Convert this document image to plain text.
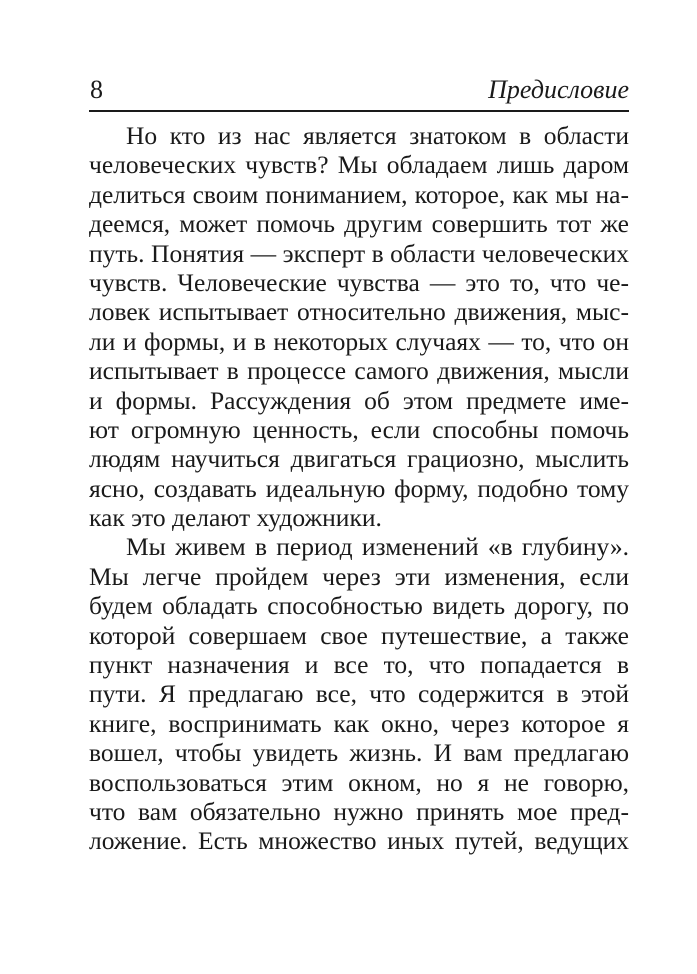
8	Предисловие

Но кто из нас является знатоком в области
человеческих чувств? Мы обладаем лишь даром
делиться своим пониманием, которое, как мы на-
деемся, может помочь другим совершить тот же
путь. Понятия — эксперт в области человеческих
чувств. Человеческие чувства — это то, что че-
ловек испытывает относительно движения, мыс-
ли и формы, и в некоторых случаях — то, что он
испытывает в процессе самого движения, мысли
и формы. Рассуждения об этом предмете име-
ют огромную ценность, если способны помочь
людям научиться двигаться грациозно, мыслить
ясно, создавать идеальную форму, подобно тому
как это делают художники.

Мы живем в период изменений «в глубину».
Мы легче пройдем через эти изменения, если
будем обладать способностью видеть дорогу, по
которой совершаем свое путешествие, а также
пункт назначения и все то, что попадается в
пути. Я предлагаю все, что содержится в этой
книге, воспринимать как окно, через которое я
вошел, чтобы увидеть жизнь. И вам предлагаю
воспользоваться этим окном, но я не говорю,
что вам обязательно нужно принять мое пред-
ложение. Есть множество иных путей, ведущих
